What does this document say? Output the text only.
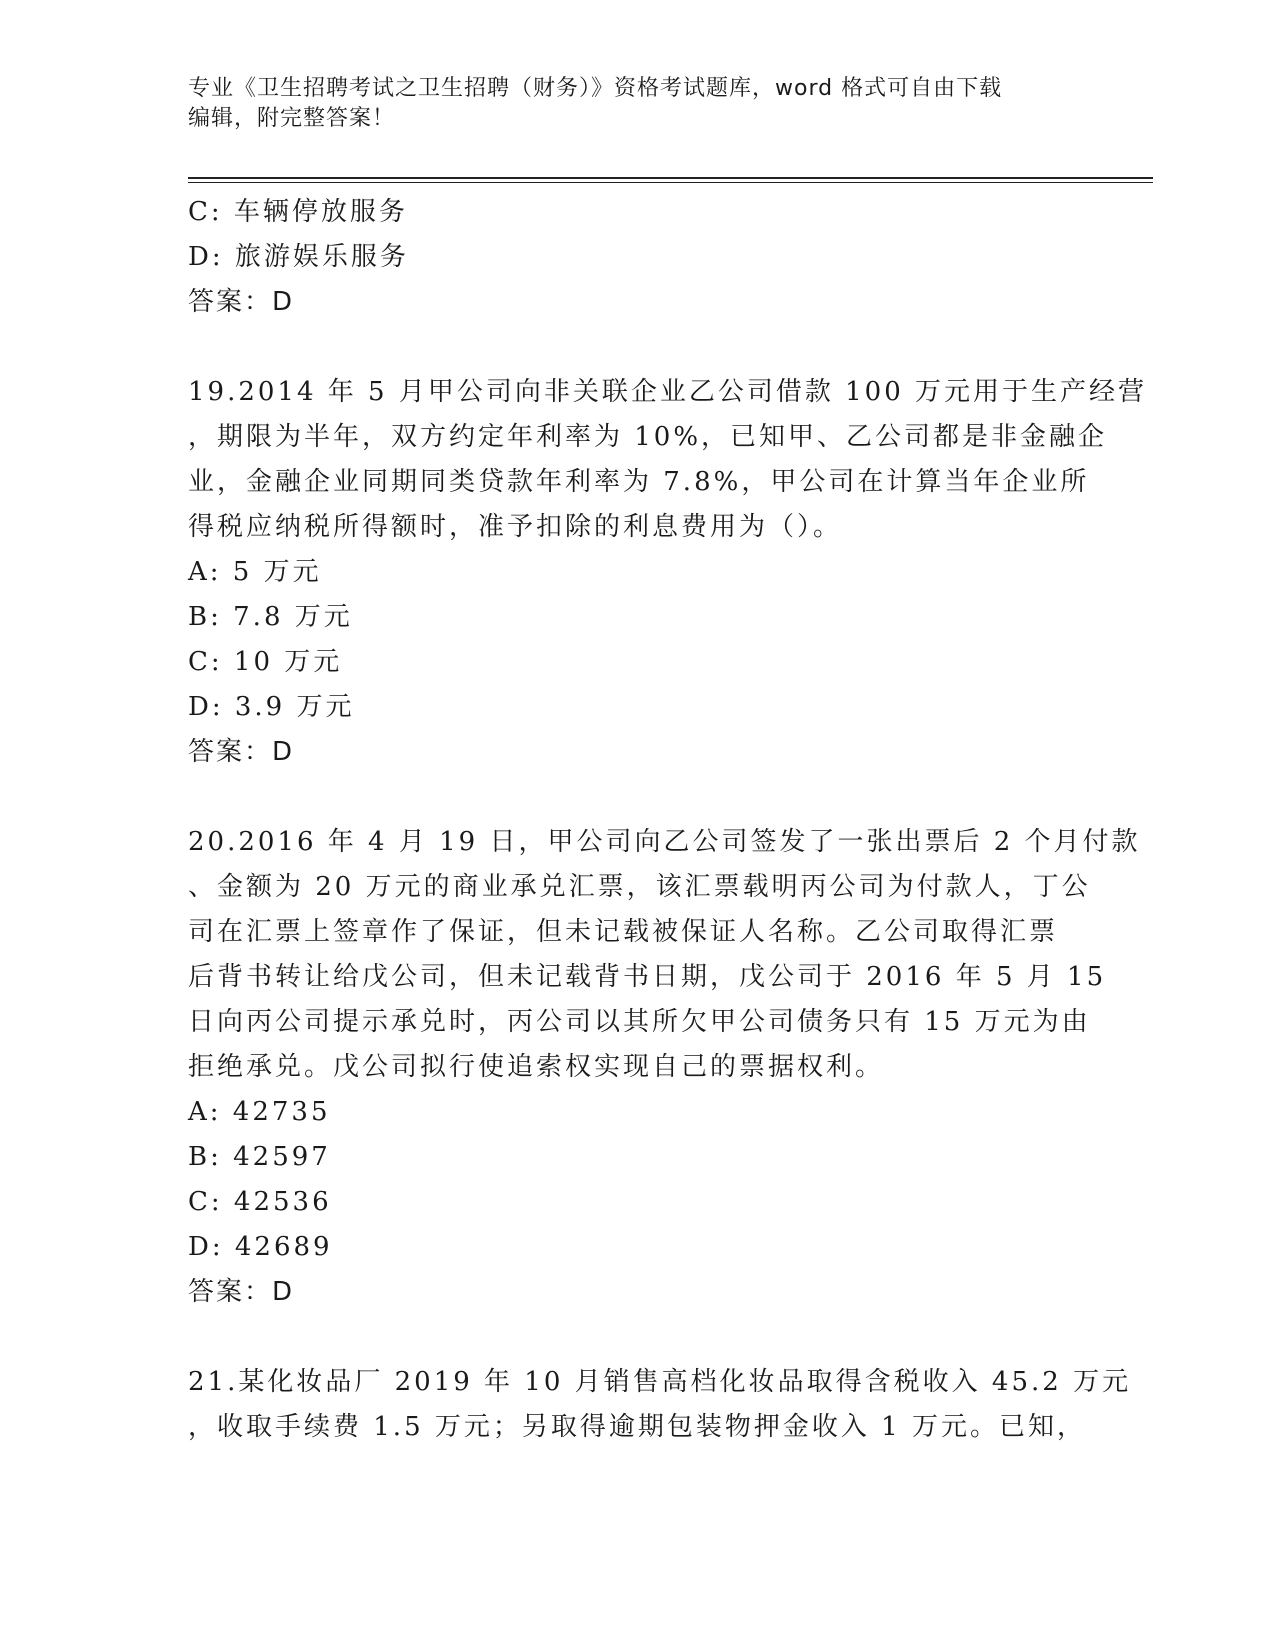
专业《卫生招聘考试之卫生招聘（财务）》资格考试题库，word 格式可自由下载
编辑，附完整答案！
C: 车辆停放服务
D: 旅游娱乐服务
答案：D
19.2014 年 5 月甲公司向非关联企业乙公司借款 100 万元用于生产经营
，期限为半年，双方约定年利率为 10%，已知甲、乙公司都是非金融企
业，金融企业同期同类贷款年利率为 7.8%，甲公司在计算当年企业所
得税应纳税所得额时，准予扣除的利息费用为（）。
A: 5 万元
B: 7.8 万元
C: 10 万元
D: 3.9 万元
答案：D
20.2016 年 4 月 19 日，甲公司向乙公司签发了一张出票后 2 个月付款
、金额为 20 万元的商业承兑汇票，该汇票载明丙公司为付款人，丁公
司在汇票上签章作了保证，但未记载被保证人名称。乙公司取得汇票
后背书转让给戊公司，但未记载背书日期，戊公司于 2016 年 5 月 15
日向丙公司提示承兑时，丙公司以其所欠甲公司债务只有 15 万元为由
拒绝承兑。戊公司拟行使追索权实现自己的票据权利。
A: 42735
B: 42597
C: 42536
D: 42689
答案：D
21.某化妆品厂 2019 年 10 月销售高档化妆品取得含税收入 45.2 万元
，收取手续费 1.5 万元；另取得逾期包装物押金收入 1 万元。已知，
